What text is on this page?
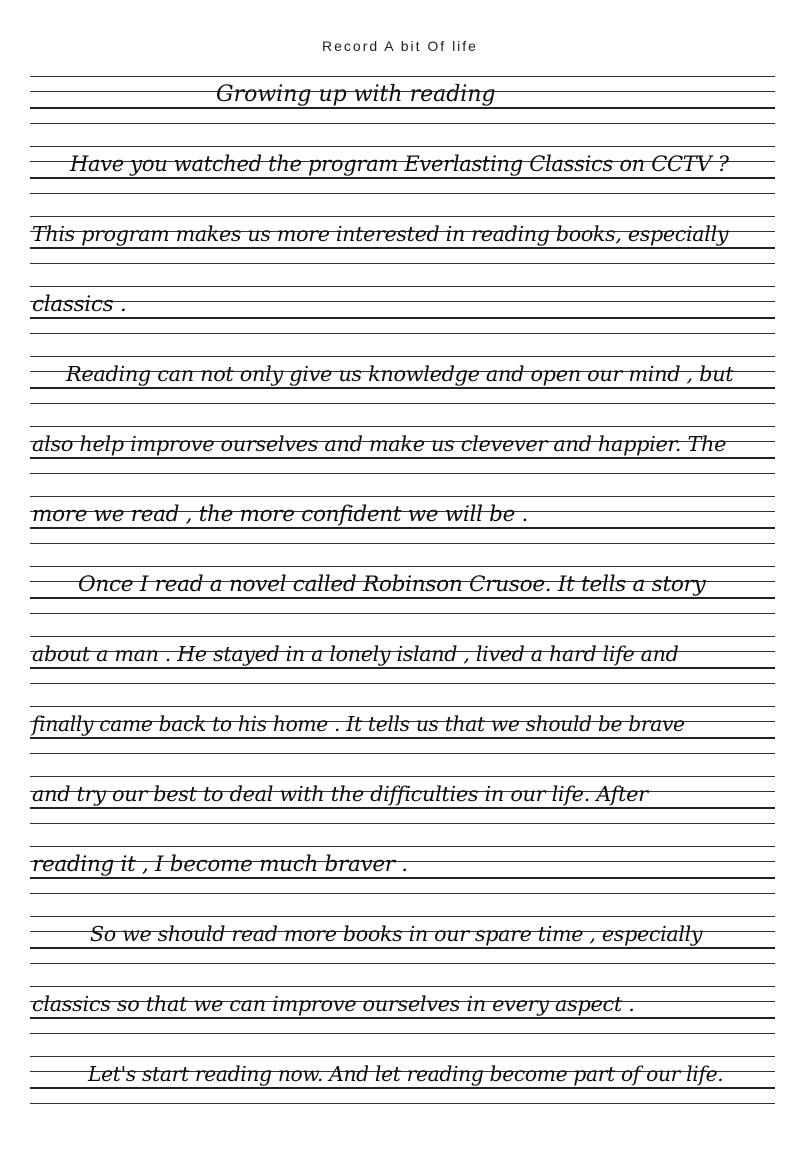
Record A bit Of life
Growing up with reading
Have you watched the program Everlasting Classics on CCTV ?
This program makes us more interested in reading books, especially
classics .
Reading can not only give us knowledge and open our mind , but
also help improve ourselves and make us clevever and happier. The
more we read , the more confident we will be .
Once I read a novel called Robinson Crusoe. It tells a story
about a man . He stayed in a lonely island , lived a hard life and
finally came back to his home . It tells us that we should be brave
and try our best to deal with the difficulties in our life. After
reading it , I become much braver .
So we should read more books in our spare time , especially
classics so that we can improve ourselves in every aspect .
Let's start reading now. And let reading become part of our life.
